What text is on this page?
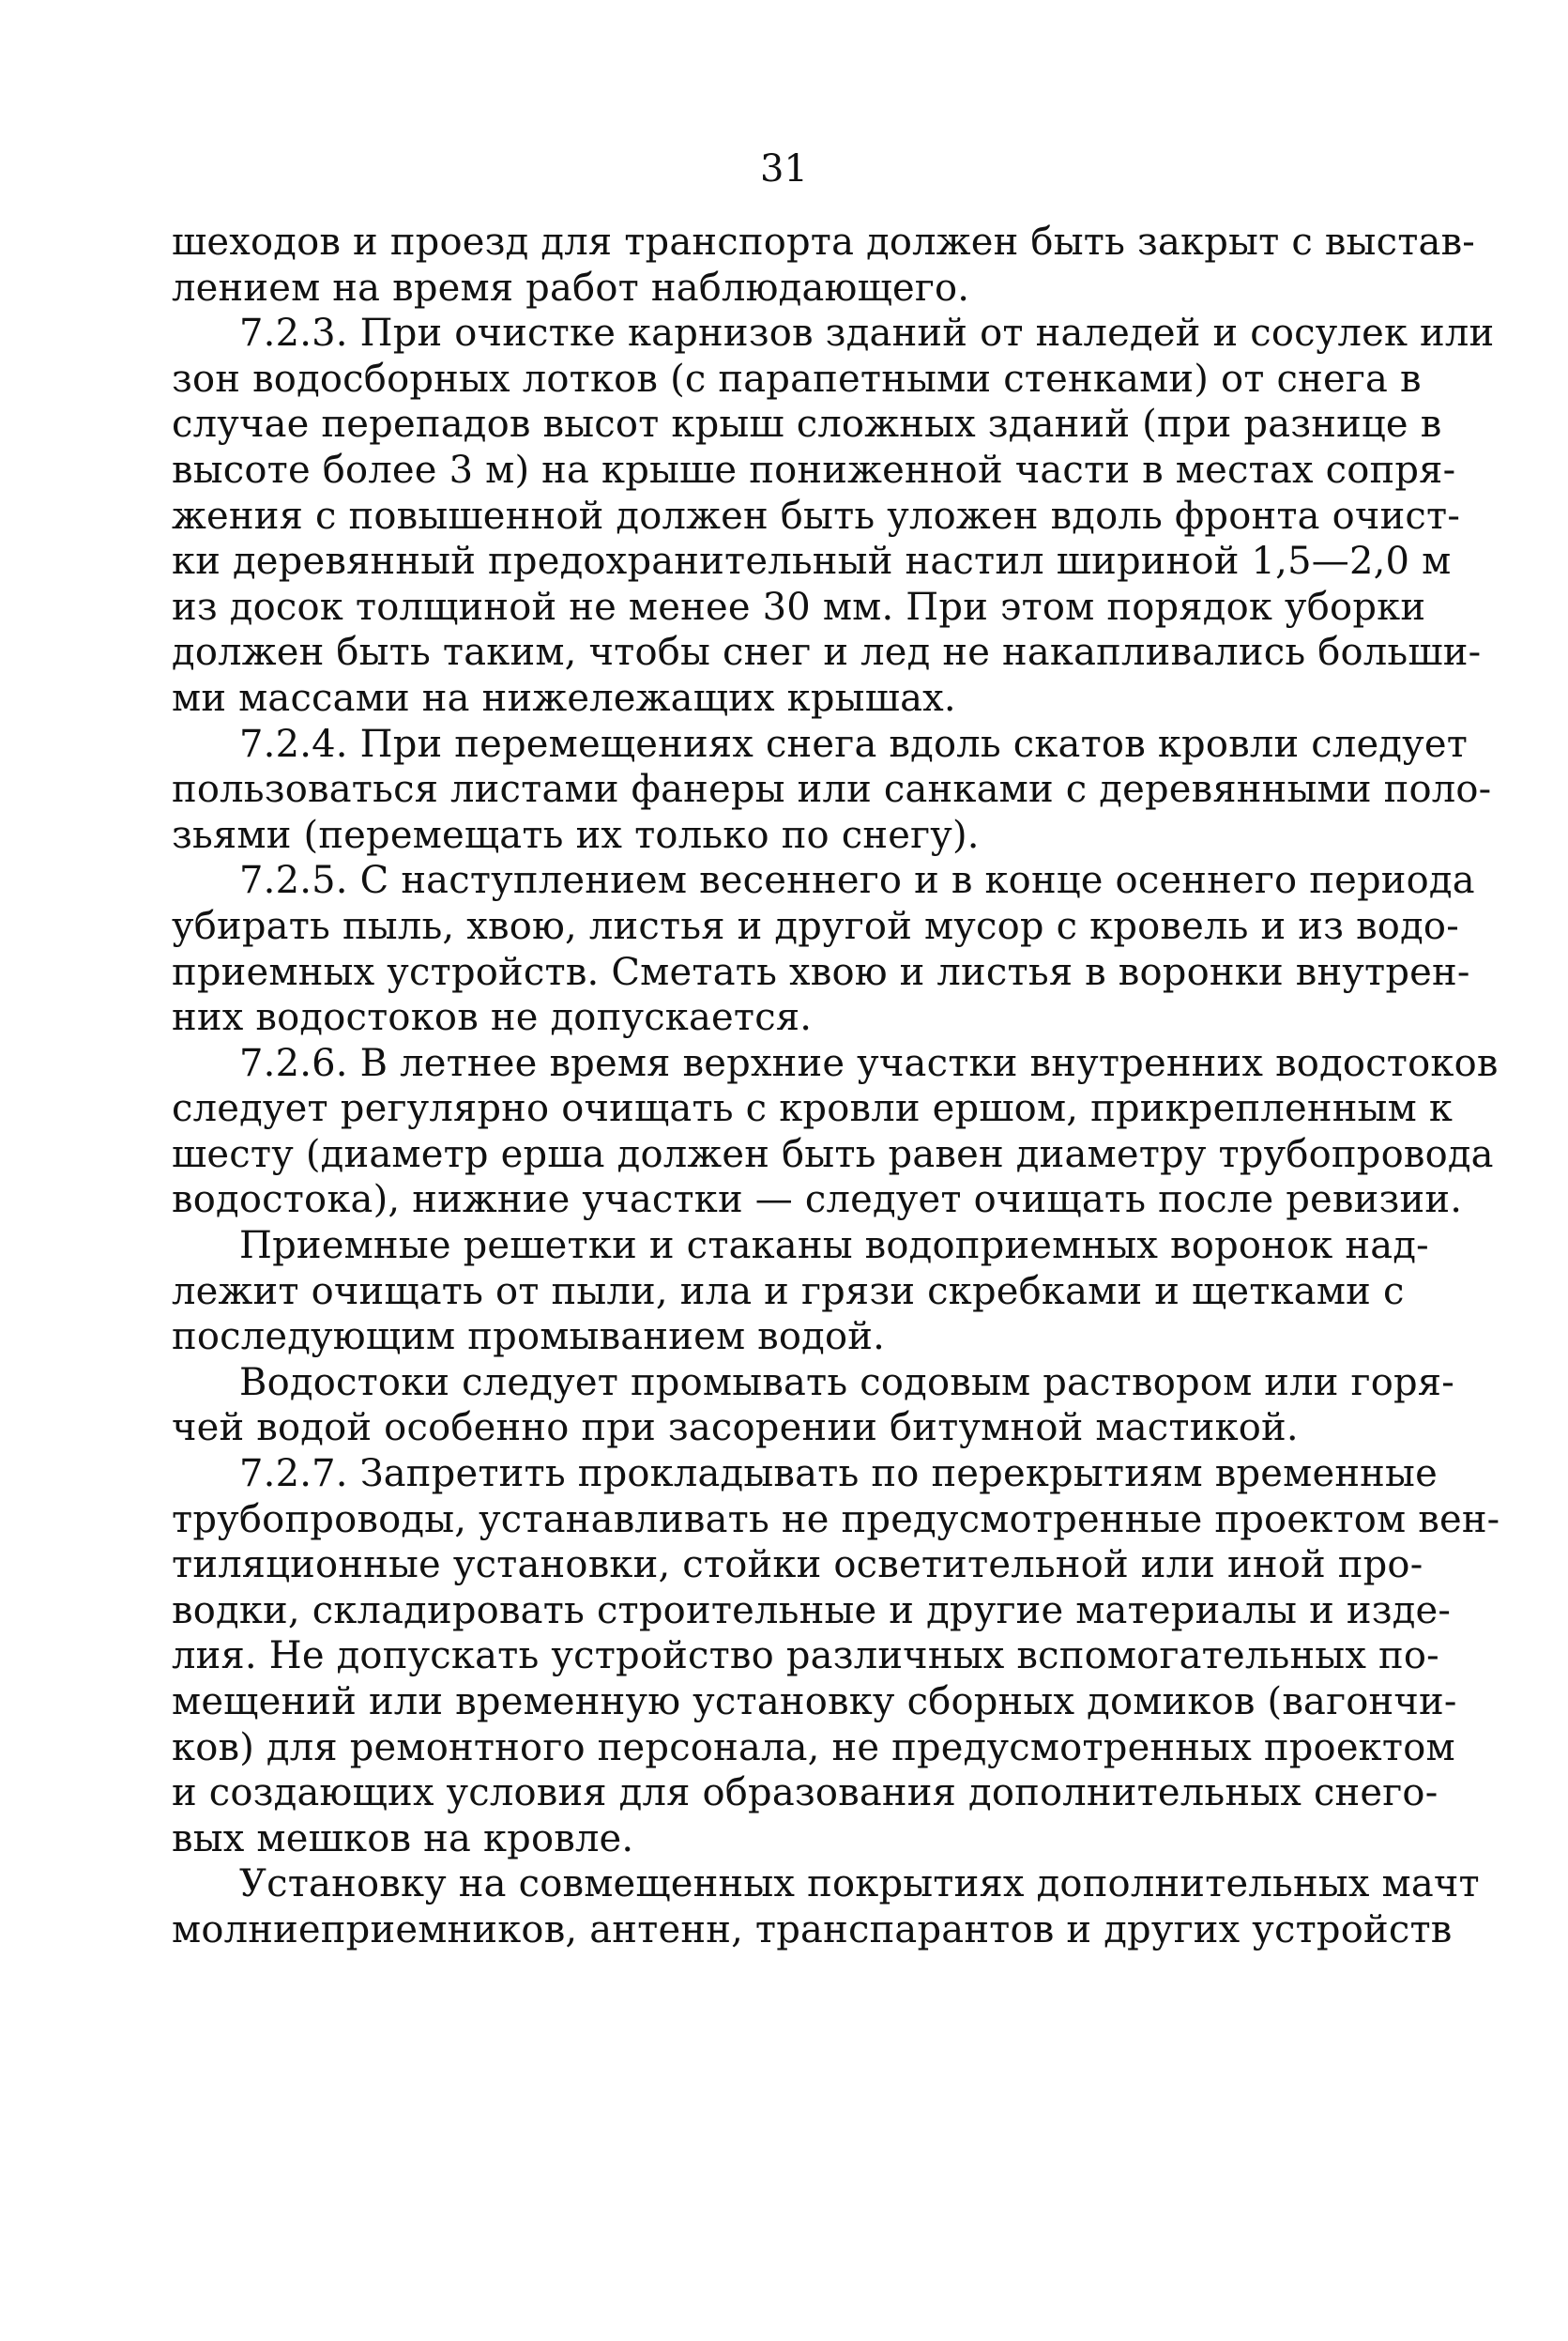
31
шеходов и проезд для транспорта должен быть закрыт с выстав-
лением на время работ наблюдающего.
7.2.3. При очистке карнизов зданий от наледей и сосулек или
зон водосборных лотков (с парапетными стенками) от снега в
случае перепадов высот крыш сложных зданий (при разнице в
высоте более 3 м) на крыше пониженной части в местах сопря-
жения с повышенной должен быть уложен вдоль фронта очист-
ки деревянный предохранительный настил шириной 1,5—2,0 м
из досок толщиной не менее 30 мм. При этом порядок уборки
должен быть таким, чтобы снег и лед не накапливались больши-
ми массами на нижележащих крышах.
7.2.4. При перемещениях снега вдоль скатов кровли следует
пользоваться листами фанеры или санками с деревянными поло-
зьями (перемещать их только по снегу).
7.2.5. С наступлением весеннего и в конце осеннего периода
убирать пыль, хвою, листья и другой мусор с кровель и из водо-
приемных устройств. Сметать хвою и листья в воронки внутрен-
них водостоков не допускается.
7.2.6. В летнее время верхние участки внутренних водостоков
следует регулярно очищать с кровли ершом, прикрепленным к
шесту (диаметр ерша должен быть равен диаметру трубопровода
водостока), нижние участки — следует очищать после ревизии.
Приемные решетки и стаканы водоприемных воронок над-
лежит очищать от пыли, ила и грязи скребками и щетками с
последующим промыванием водой.
Водостоки следует промывать содовым раствором или горя-
чей водой особенно при засорении битумной мастикой.
7.2.7. Запретить прокладывать по перекрытиям временные
трубопроводы, устанавливать не предусмотренные проектом вен-
тиляционные установки, стойки осветительной или иной про-
водки, складировать строительные и другие материалы и изде-
лия. Не допускать устройство различных вспомогательных по-
мещений или временную установку сборных домиков (вагончи-
ков) для ремонтного персонала, не предусмотренных проектом
и создающих условия для образования дополнительных снего-
вых мешков на кровле.
Установку на совмещенных покрытиях дополнительных мачт
молниеприемников, антенн, транспарантов и других устройств
